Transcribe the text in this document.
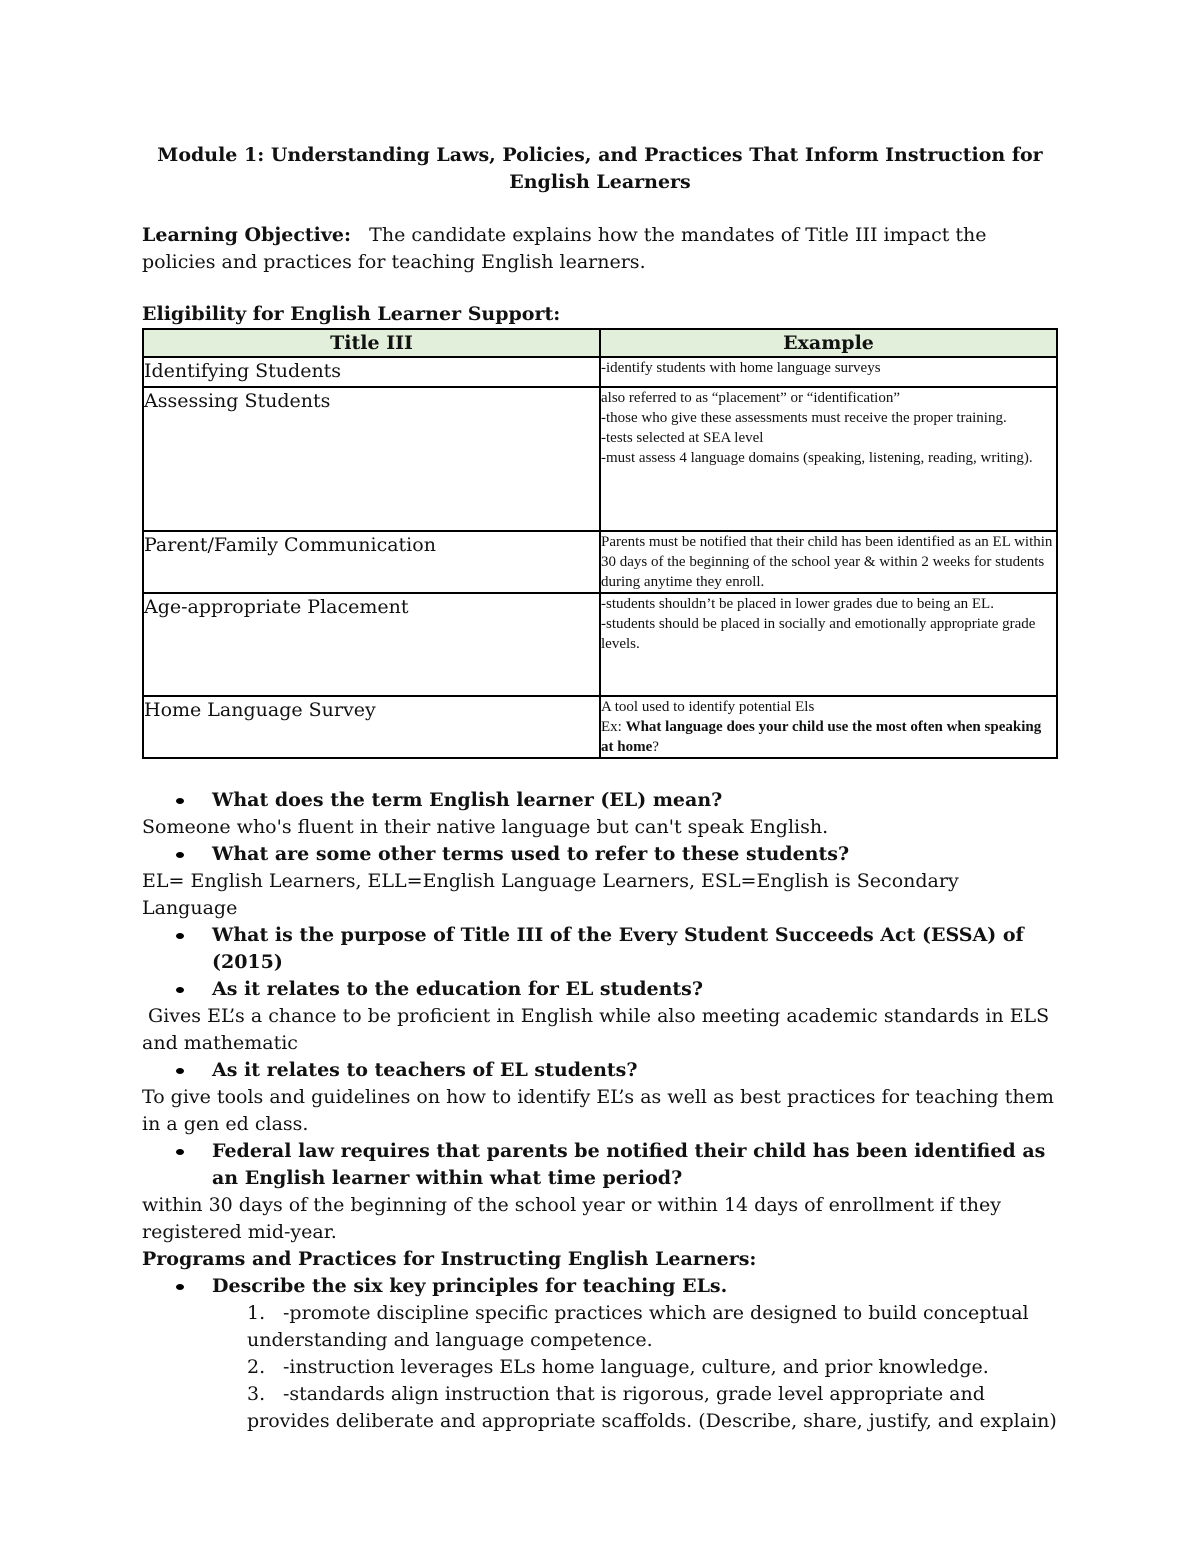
Module 1: Understanding Laws, Policies, and Practices That Inform Instruction for
English Learners
Learning Objective: The candidate explains how the mandates of Title III impact the policies and practices for teaching English learners.
Eligibility for English Learner Support:
Title III	Example
Identifying Students	-identify students with home language surveys

Assessing Students	also referred to as “placement” or “identification”
-those who give these assessments must receive the proper training.
-tests selected at SEA level
-must assess 4 language domains (speaking, listening, reading, writing).

Parent/Family Communication	Parents must be notified that their child has been identified as an EL within 30 days of the beginning of the school year & within 2 weeks for students during anytime they enroll.

Age-appropriate Placement	-students shouldn’t be placed in lower grades due to being an EL.
-students should be placed in socially and emotionally appropriate grade levels.

Home Language Survey	A tool used to identify potential Els
Ex: What language does your child use the most often when speaking at home?
What does the term English learner (EL) mean?

Someone who's fluent in their native language but can't speak English.

What are some other terms used to refer to these students?

EL= English Learners, ELL=English Language Learners, ESL=English is Secondary Language

What is the purpose of Title III of the Every Student Succeeds Act (ESSA) of (2015)
As it relates to the education for EL students?

Gives EL’s a chance to be proficient in English while also meeting academic standards in ELS and mathematic

As it relates to teachers of EL students?

To give tools and guidelines on how to identify EL’s as well as best practices for teaching them in a gen ed class.

Federal law requires that parents be notified their child has been identified as an English learner within what time period?

within 30 days of the beginning of the school year or within 14 days of enrollment if they registered mid-year.

Programs and Practices for Instructing English Learners:
Describe the six key principles for teaching ELs.
1. -promote discipline specific practices which are designed to build conceptual understanding and language competence.
2. -instruction leverages ELs home language, culture, and prior knowledge.
3. -standards align instruction that is rigorous, grade level appropriate and provides deliberate and appropriate scaffolds. (Describe, share, justify, and explain)
